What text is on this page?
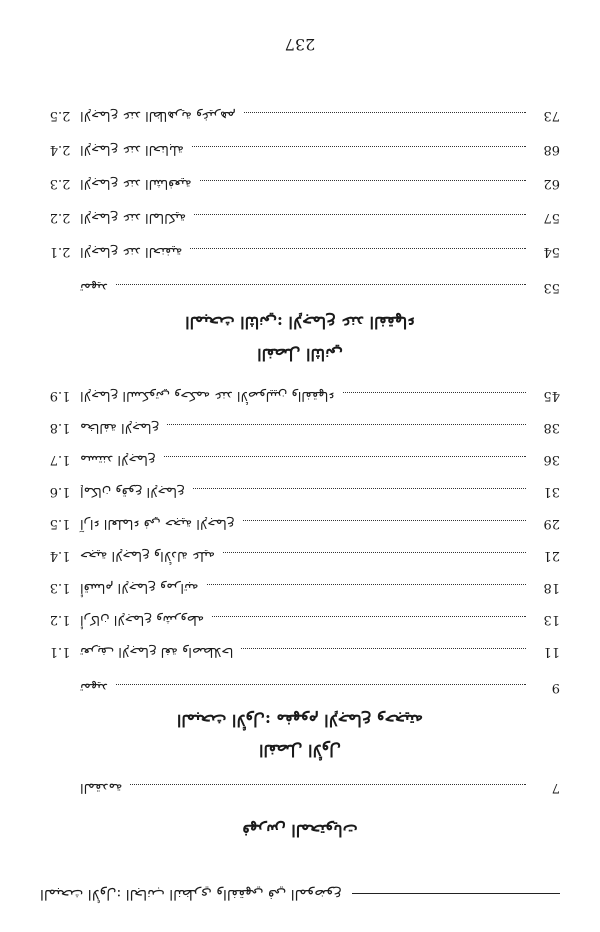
المبحث الأول: الجانب النظري والفقهي في الموضوع
فهرس المحتويات
المقدمة	7
الفصل الأول
المبحث الأول: مفهوم الإجماع وحجيته
تمهيد	9
1.1 تعريف الإجماع لغة واصطلاحا	11
1.2 أركان الإجماع وشروطه	13
1.3 أقسام الإجماع ومراتبه	18
1.4 حجية الإجماع والأدلة عليه	21
1.5 آراء العلماء في حجية الإجماع	29
1.6 إمكان وقوع الإجماع	31
1.7 مستند الإجماع	36
1.8 مخالفة الإجماع	38
1.9 الإجماع السكوتي وحكمه عند الأصوليين والفقهاء	45
الفصل الثاني
المبحث الثاني: الإجماع عند الفقهاء
تمهيد	53
2.1 الإجماع عند الحنفية	54
2.2 الإجماع عند المالكية	57
2.3 الإجماع عند الشافعية	62
2.4 الإجماع عند الحنابلة	68
2.5 الإجماع عند الظاهرية وغيرهم	73
237
